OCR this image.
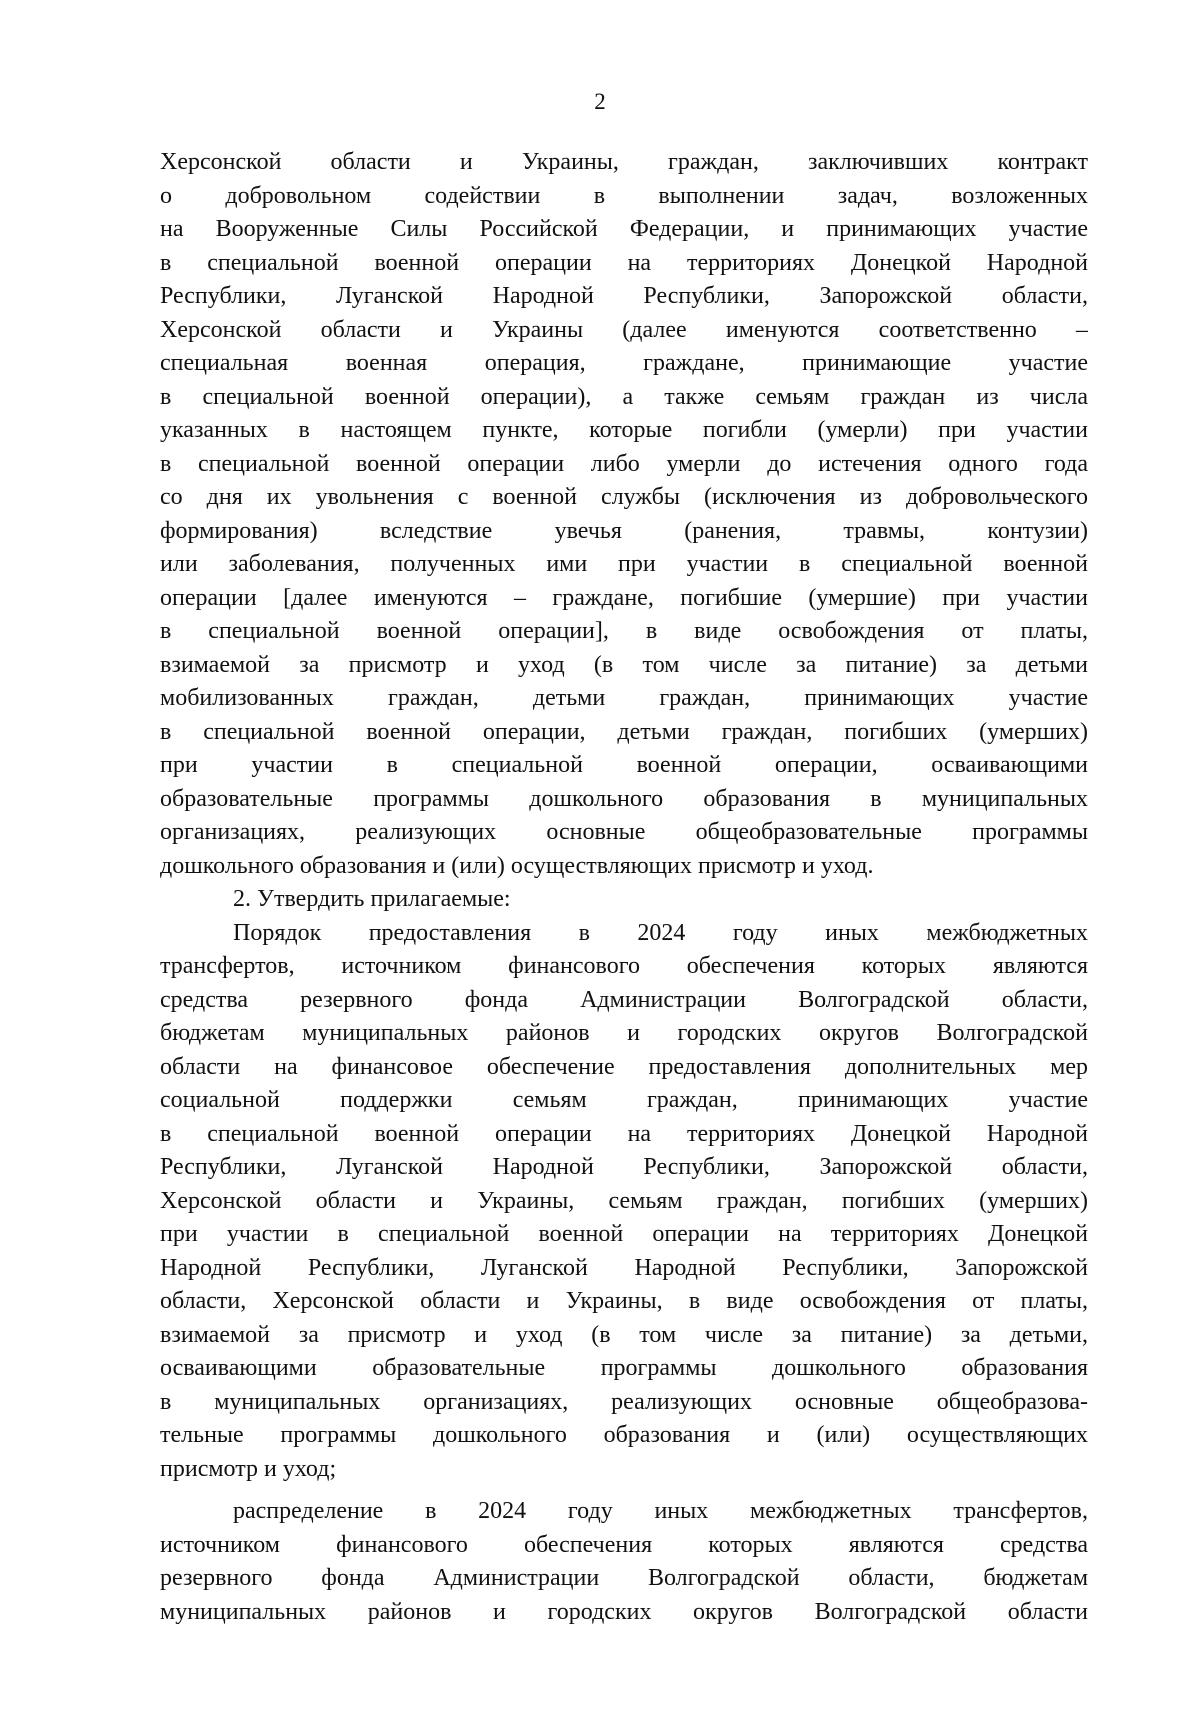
2
Херсонской области и Украины, граждан, заключивших контракт
о добровольном содействии в выполнении задач, возложенных
на Вооруженные Силы Российской Федерации, и принимающих участие
в специальной военной операции на территориях Донецкой Народной
Республики, Луганской Народной Республики, Запорожской области,
Херсонской области и Украины (далее именуются соответственно –
специальная военная операция, граждане, принимающие участие
в специальной военной операции), а также семьям граждан из числа
указанных в настоящем пункте, которые погибли (умерли) при участии
в специальной военной операции либо умерли до истечения одного года
со дня их увольнения с военной службы (исключения из добровольческого
формирования) вследствие увечья (ранения, травмы, контузии)
или заболевания, полученных ими при участии в специальной военной
операции [далее именуются – граждане, погибшие (умершие) при участии
в специальной военной операции], в виде освобождения от платы,
взимаемой за присмотр и уход (в том числе за питание) за детьми
мобилизованных граждан, детьми граждан, принимающих участие
в специальной военной операции, детьми граждан, погибших (умерших)
при участии в специальной военной операции, осваивающими
образовательные программы дошкольного образования в муниципальных
организациях, реализующих основные общеобразовательные программы
дошкольного образования и (или) осуществляющих присмотр и уход.
2. Утвердить прилагаемые:
Порядок предоставления в 2024 году иных межбюджетных
трансфертов, источником финансового обеспечения которых являются
средства резервного фонда Администрации Волгоградской области,
бюджетам муниципальных районов и городских округов Волгоградской
области на финансовое обеспечение предоставления дополнительных мер
социальной поддержки семьям граждан, принимающих участие
в специальной военной операции на территориях Донецкой Народной
Республики, Луганской Народной Республики, Запорожской области,
Херсонской области и Украины, семьям граждан, погибших (умерших)
при участии в специальной военной операции на территориях Донецкой
Народной Республики, Луганской Народной Республики, Запорожской
области, Херсонской области и Украины, в виде освобождения от платы,
взимаемой за присмотр и уход (в том числе за питание) за детьми,
осваивающими образовательные программы дошкольного образования
в муниципальных организациях, реализующих основные общеобразова-
тельные программы дошкольного образования и (или) осуществляющих
присмотр и уход;
распределение в 2024 году иных межбюджетных трансфертов,
источником финансового обеспечения которых являются средства
резервного фонда Администрации Волгоградской области, бюджетам
муниципальных районов и городских округов Волгоградской области
